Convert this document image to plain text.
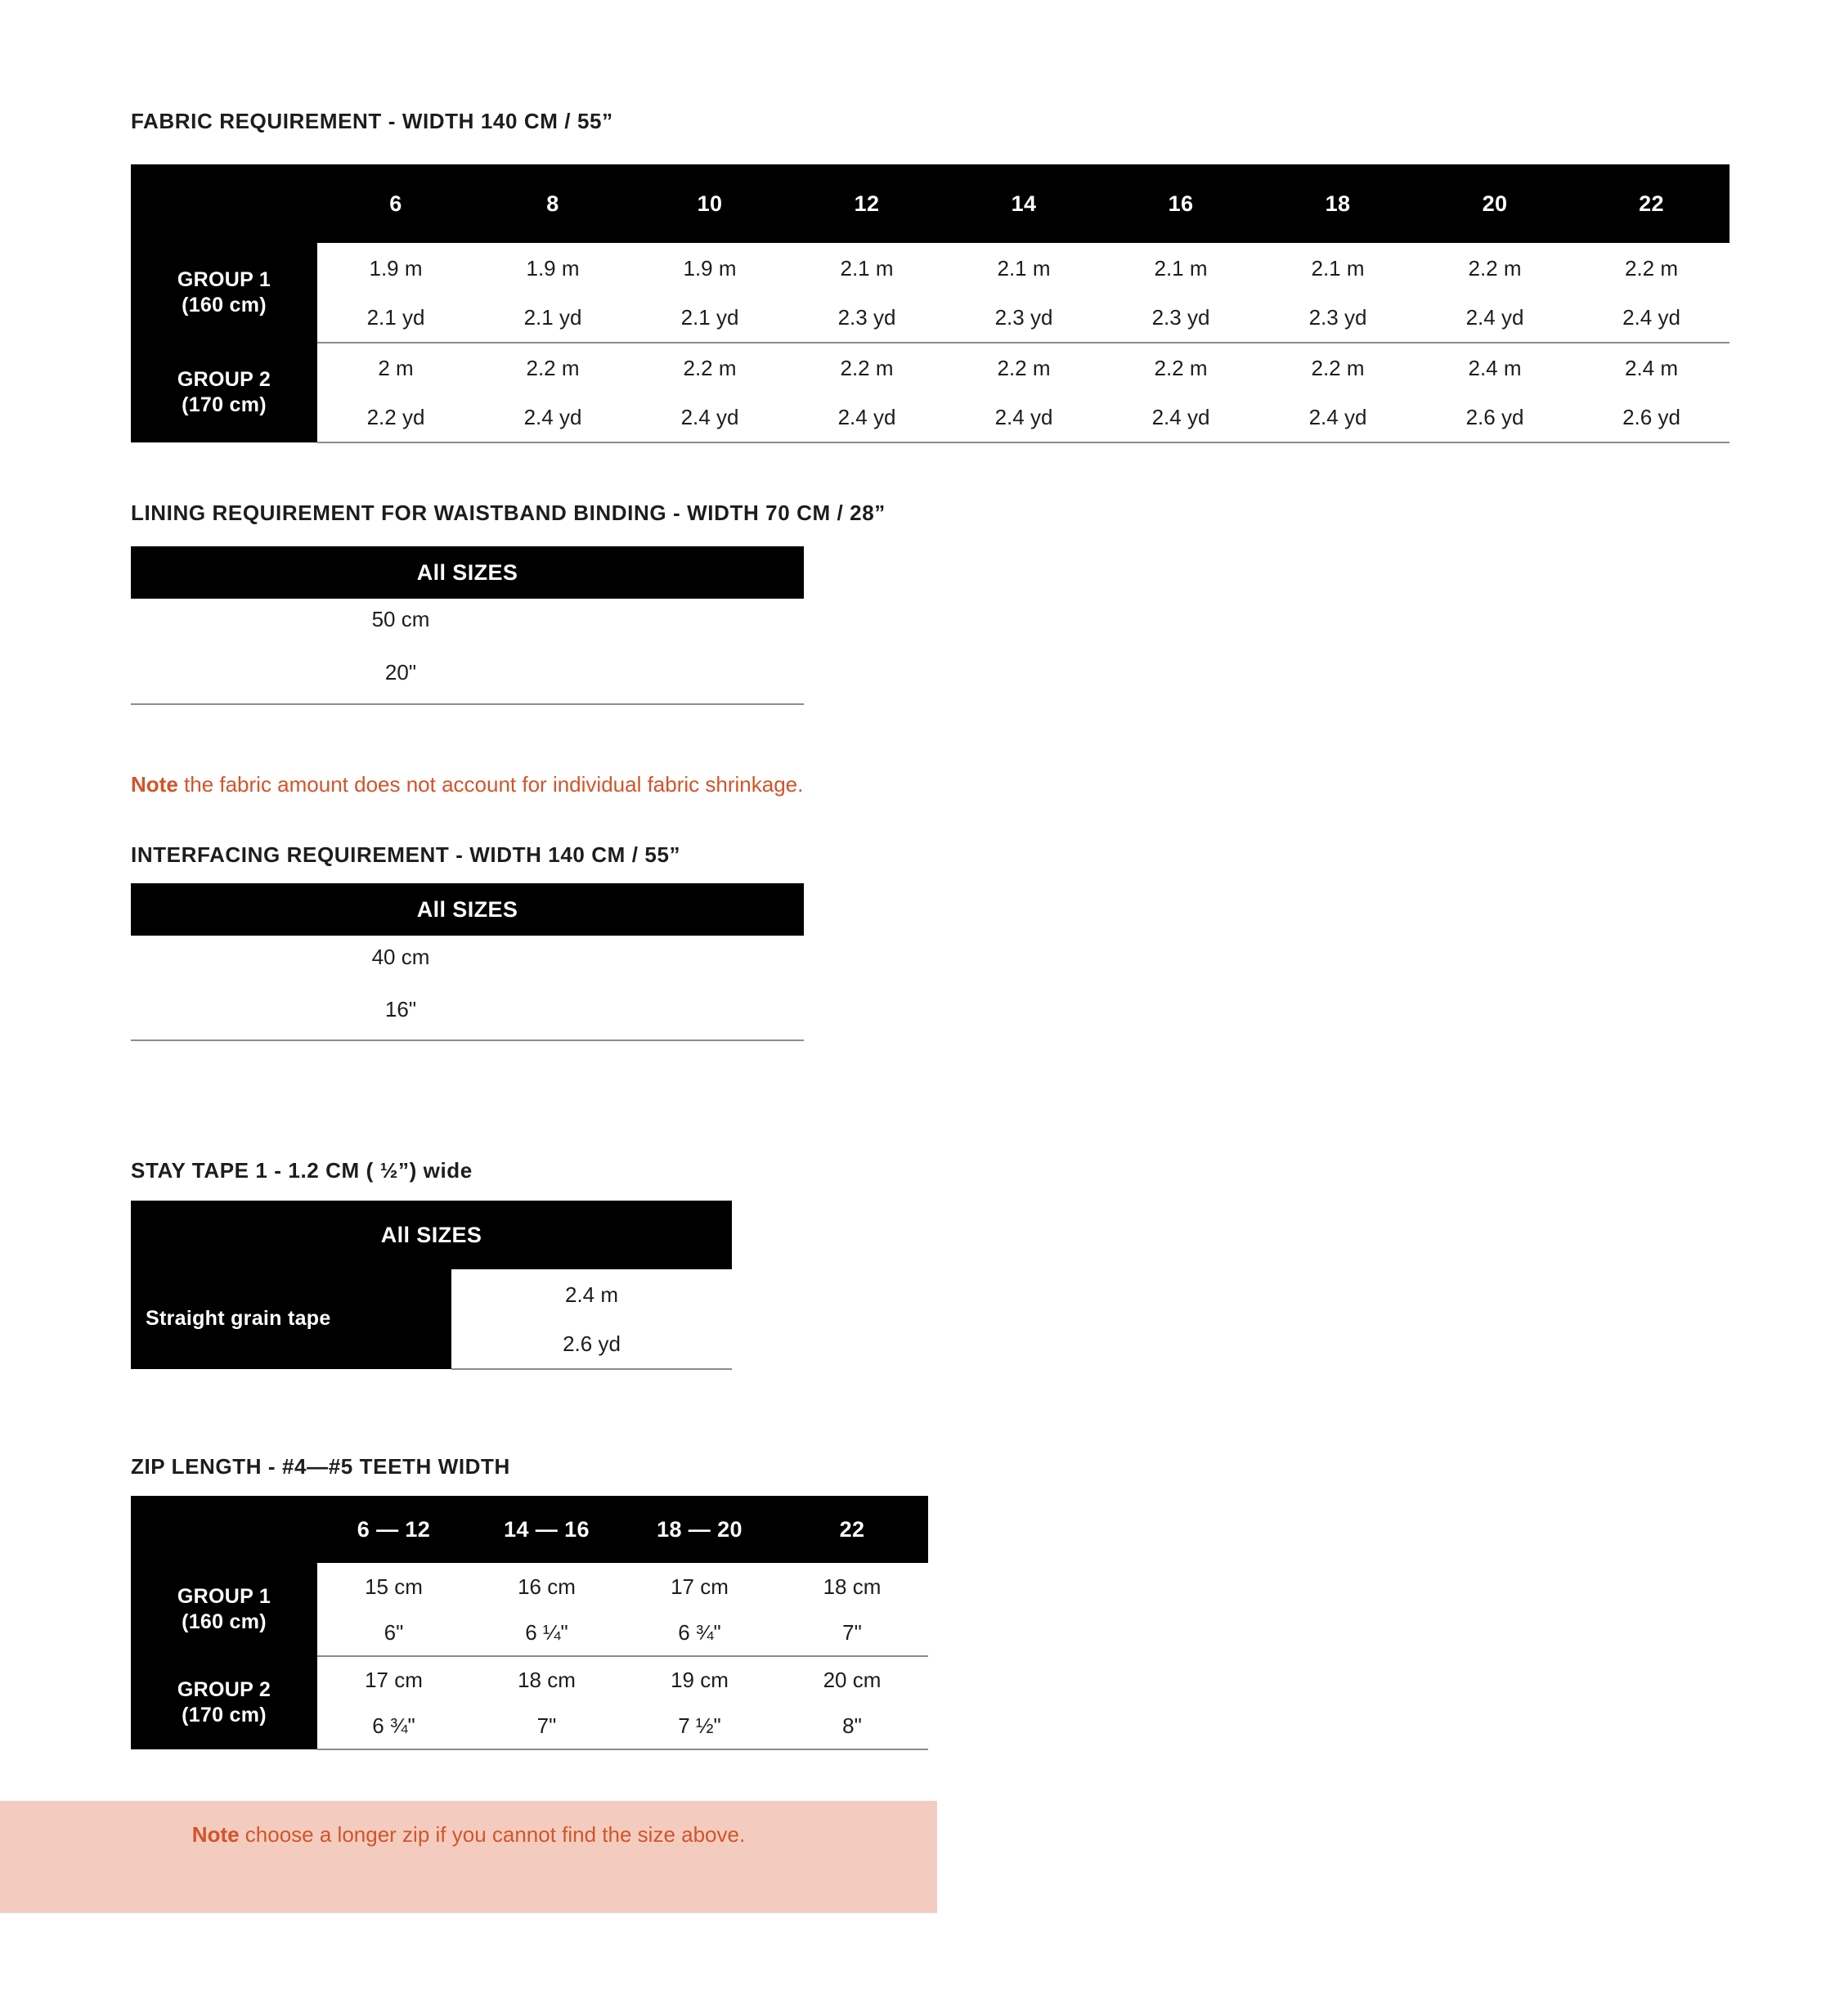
FABRIC REQUIREMENT - WIDTH 140 CM / 55”
	6	8	10	12	14	16	18	20	22

GROUP 1
(160 cm)	1.9 m	1.9 m	1.9 m	2.1 m	2.1 m	2.1 m	2.1 m	2.2 m	2.2 m
	2.1 yd	2.1 yd	2.1 yd	2.3 yd	2.3 yd	2.3 yd	2.3 yd	2.4 yd	2.4 yd

GROUP 2
(170 cm)	2 m	2.2 m	2.2 m	2.2 m	2.2 m	2.2 m	2.2 m	2.4 m	2.4 m
	2.2 yd	2.4 yd	2.4 yd	2.4 yd	2.4 yd	2.4 yd	2.4 yd	2.6 yd	2.6 yd
LINING REQUIREMENT FOR WAISTBAND BINDING - WIDTH 70 CM / 28”
All SIZES
50 cm
20"
Note the fabric amount does not account for individual fabric shrinkage.
INTERFACING REQUIREMENT - WIDTH 140 CM / 55”
All SIZES
40 cm
16"
STAY TAPE 1 - 1.2 CM ( ½”) wide
All SIZES
Straight grain tape	2.4 m
2.6 yd
ZIP LENGTH - #4—#5 TEETH WIDTH
	6 — 12	14 — 16	18 — 20	22

GROUP 1
(160 cm)	15 cm	16 cm	17 cm	18 cm
	6"	6 ¼"	6 ¾"	7"

GROUP 2
(170 cm)	17 cm	18 cm	19 cm	20 cm
	6 ¾"	7"	7 ½"	8"
Note choose a longer zip if you cannot find the size above.
